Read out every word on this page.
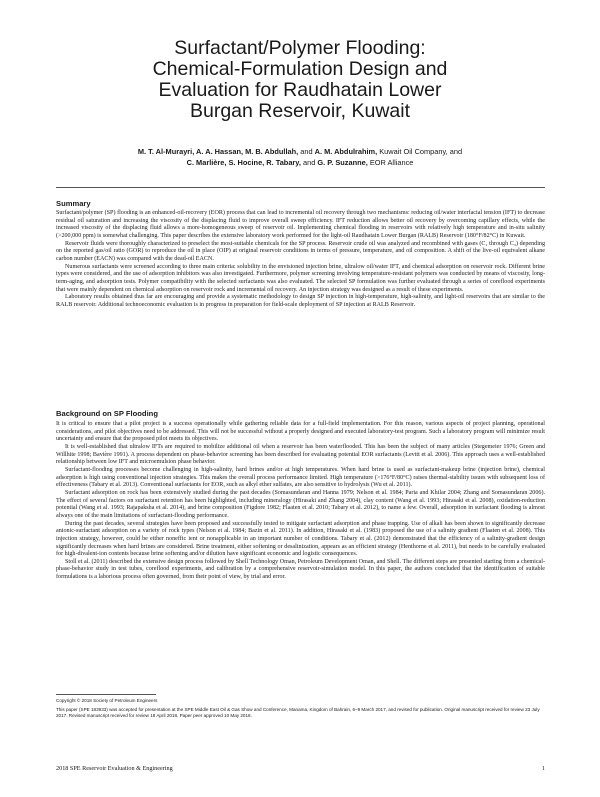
Surfactant/Polymer Flooding:
Chemical-Formulation Design and
Evaluation for Raudhatain Lower
Burgan Reservoir, Kuwait
M. T. Al-Murayri, A. A. Hassan, M. B. Abdullah, and A. M. Abdulrahim, Kuwait Oil Company, and
C. Marlière, S. Hocine, R. Tabary, and G. P. Suzanne, EOR Alliance
Summary

Surfactant/polymer (SP) flooding is an enhanced-oil-recovery (EOR) process that can lead to incremental oil recovery through two mechanisms: reducing oil/water interfacial tension (IFT) to decrease residual oil saturation and increasing the viscosity of the displacing fluid to improve overall sweep efficiency. IFT reduction allows better oil recovery by overcoming capillary effects, while the increased viscosity of the displacing fluid allows a more-homogeneous sweep of reservoir oil. Implementing chemical flooding in reservoirs with relatively high temperature and in-situ salinity (>200,000 ppm) is somewhat challenging. This paper describes the extensive laboratory work performed for the light-oil Raudhatain Lower Burgan (RALB) Reservoir (180°F/82°C) in Kuwait.

Reservoir fluids were thoroughly characterized to preselect the most-suitable chemicals for the SP process. Reservoir crude oil was analyzed and recombined with gases (C₁ through C₃) depending on the reported gas/oil ratio (GOR) to reproduce the oil in place (OIP) at original reservoir conditions in terms of pressure, temperature, and oil composition. A shift of the live-oil equivalent alkane carbon number (EACN) was compared with the dead-oil EACN.

Numerous surfactants were screened according to three main criteria: solubility in the envisioned injection brine, ultralow oil/water IFT, and chemical adsorption on reservoir rock. Different brine types were considered, and the use of adsorption inhibitors was also investigated. Furthermore, polymer screening involving temperature-resistant polymers was conducted by means of viscosity, long-term-aging, and adsorption tests. Polymer compatibility with the selected surfactants was also evaluated. The selected SP formulation was further evaluated through a series of coreflood experiments that were mainly dependent on chemical adsorption on reservoir rock and incremental oil recovery. An injection strategy was designed as a result of these experiments.

Laboratory results obtained thus far are encouraging and provide a systematic methodology to design SP injection in high-temperature, high-salinity, and light-oil reservoirs that are similar to the RALB reservoir. Additional technoeconomic evaluation is in progress in preparation for field-scale deployment of SP injection at RALB Reservoir.

Background on SP Flooding

It is critical to ensure that a pilot project is a success operationally while gathering reliable data for a full-field implementation. For this reason, various aspects of project planning, operational considerations, and pilot objectives need to be addressed. This will not be successful without a properly designed and executed laboratory-test program. Such a laboratory program will minimize result uncertainty and ensure that the proposed pilot meets its objectives.

It is well-established that ultralow IFTs are required to mobilize additional oil when a reservoir has been waterflooded. This has been the subject of many articles (Stegemeier 1976; Green and Willhite 1998; Bavière 1991). A process dependent on phase-behavior screening has been described for evaluating potential EOR surfactants (Levitt et al. 2006). This approach uses a well-established relationship between low IFT and microemulsion phase behavior.

Surfactant-flooding processes become challenging in high-salinity, hard brines and/or at high temperatures. When hard brine is used as surfactant-makeup brine (injection brine), chemical adsorption is high using conventional injection strategies. This makes the overall process performance limited. High temperature (>176°F/80°C) raises thermal-stability issues with subsequent loss of effectiveness (Tabary et al. 2013). Conventional surfactants for EOR, such as alkyl ether sulfates, are also sensitive to hydrolysis (Wu et al. 2011).

Surfactant adsorption on rock has been extensively studied during the past decades (Somasundaran and Hanna 1979; Nelson et al. 1984; Paria and Khilar 2004; Zhang and Somasundaran 2006). The effect of several factors on surfactant retention has been highlighted, including mineralogy (Hirasaki and Zhang 2004), clay content (Wang et al. 1993; Hirasaki et al. 2008), oxidation-reduction potential (Wang et al. 1993; Rajapaksha et al. 2014), and brine composition (Figdore 1982; Flaaten et al. 2010; Tabary et al. 2012), to name a few. Overall, adsorption in surfactant flooding is almost always one of the main limitations of surfactant-flooding performance.

During the past decades, several strategies have been proposed and successfully tested to mitigate surfactant adsorption and phase trapping. Use of alkali has been shown to significantly decrease anionic-surfactant adsorption on a variety of rock types (Nelson et al. 1984; Bazin et al. 2011). In addition, Hirasaki et al. (1983) proposed the use of a salinity gradient (Flaaten et al. 2008). This injection strategy, however, could be either noneffic ient or nonapplicable in an important number of conditions. Tabary et al. (2012) demonstrated that the efficiency of a salinity-gradient design significantly decreases when hard brines are considered. Brine treatment, either softening or desalinization, appears as an efficient strategy (Henthorne et al. 2011), but needs to be carefully evaluated for high-divalent-ion contents because brine softening and/or dilution have significant economic and logistic consequences.

Stoll et al. (2011) described the extensive design process followed by Shell Technology Oman, Petroleum Development Oman, and Shell. The different steps are presented starting from a chemical-phase-behavior study in test tubes, coreflood experiments, and calibration by a comprehensive reservoir-simulation model. In this paper, the authors concluded that the identification of suitable formulations is a laborious process often governed, from their point of view, by trial and error.

Copyright © 2018 Society of Petroleum Engineers

This paper (SPE 183933) was accepted for presentation at the SPE Middle East Oil & Gas Show and Conference, Manama, Kingdom of Bahrain, 6–9 March 2017, and revised for publication. Original manuscript received for review 23 July 2017. Revised manuscript received for review 18 April 2018. Paper peer approved 10 May 2018.

2018 SPE Reservoir Evaluation & Engineering	1
